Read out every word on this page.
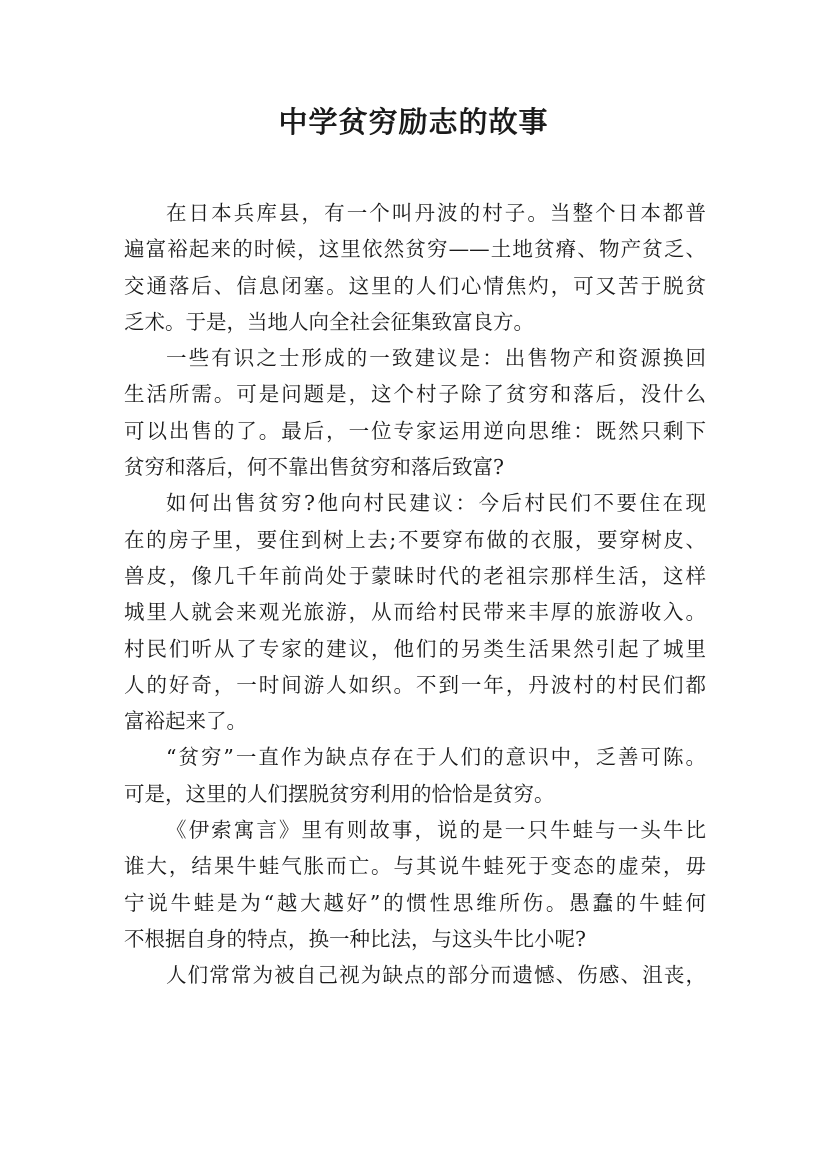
中学贫穷励志的故事
在日本兵库县，有一个叫丹波的村子。当整个日本都普
遍富裕起来的时候，这里依然贫穷——土地贫瘠、物产贫乏、
交通落后、信息闭塞。这里的人们心情焦灼，可又苦于脱贫
乏术。于是，当地人向全社会征集致富良方。
一些有识之士形成的一致建议是：出售物产和资源换回
生活所需。可是问题是，这个村子除了贫穷和落后，没什么
可以出售的了。最后，一位专家运用逆向思维：既然只剩下
贫穷和落后，何不靠出售贫穷和落后致富?
如何出售贫穷?他向村民建议：今后村民们不要住在现
在的房子里，要住到树上去;不要穿布做的衣服，要穿树皮、
兽皮，像几千年前尚处于蒙昧时代的老祖宗那样生活，这样
城里人就会来观光旅游，从而给村民带来丰厚的旅游收入。
村民们听从了专家的建议，他们的另类生活果然引起了城里
人的好奇，一时间游人如织。不到一年，丹波村的村民们都
富裕起来了。
“贫穷”一直作为缺点存在于人们的意识中，乏善可陈。
可是，这里的人们摆脱贫穷利用的恰恰是贫穷。
《伊索寓言》里有则故事，说的是一只牛蛙与一头牛比
谁大，结果牛蛙气胀而亡。与其说牛蛙死于变态的虚荣，毋
宁说牛蛙是为“越大越好”的惯性思维所伤。愚蠢的牛蛙何
不根据自身的特点，换一种比法，与这头牛比小呢?
人们常常为被自己视为缺点的部分而遗憾、伤感、沮丧，
